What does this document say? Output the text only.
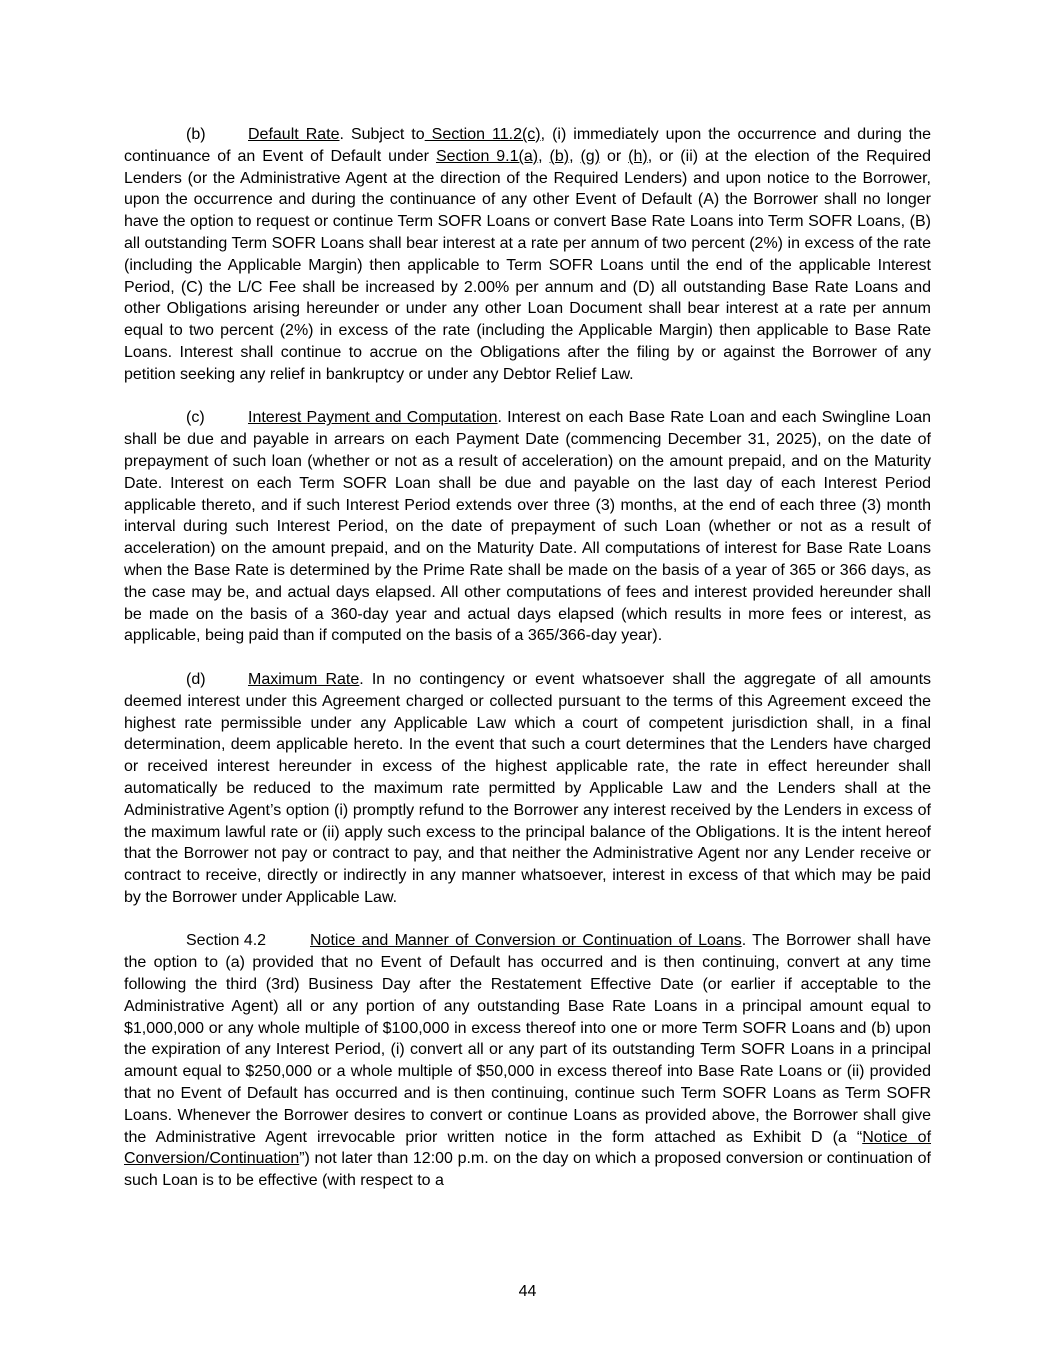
(b)	Default Rate. Subject to Section 11.2(c), (i) immediately upon the occurrence and during the continuance of an Event of Default under Section 9.1(a), (b), (g) or (h), or (ii) at the election of the Required Lenders (or the Administrative Agent at the direction of the Required Lenders) and upon notice to the Borrower, upon the occurrence and during the continuance of any other Event of Default (A) the Borrower shall no longer have the option to request or continue Term SOFR Loans or convert Base Rate Loans into Term SOFR Loans, (B) all outstanding Term SOFR Loans shall bear interest at a rate per annum of two percent (2%) in excess of the rate (including the Applicable Margin) then applicable to Term SOFR Loans until the end of the applicable Interest Period, (C) the L/C Fee shall be increased by 2.00% per annum and (D) all outstanding Base Rate Loans and other Obligations arising hereunder or under any other Loan Document shall bear interest at a rate per annum equal to two percent (2%) in excess of the rate (including the Applicable Margin) then applicable to Base Rate Loans. Interest shall continue to accrue on the Obligations after the filing by or against the Borrower of any petition seeking any relief in bankruptcy or under any Debtor Relief Law.

(c)	Interest Payment and Computation. Interest on each Base Rate Loan and each Swingline Loan shall be due and payable in arrears on each Payment Date (commencing December 31, 2025), on the date of prepayment of such loan (whether or not as a result of acceleration) on the amount prepaid, and on the Maturity Date. Interest on each Term SOFR Loan shall be due and payable on the last day of each Interest Period applicable thereto, and if such Interest Period extends over three (3) months, at the end of each three (3) month interval during such Interest Period, on the date of prepayment of such Loan (whether or not as a result of acceleration) on the amount prepaid, and on the Maturity Date. All computations of interest for Base Rate Loans when the Base Rate is determined by the Prime Rate shall be made on the basis of a year of 365 or 366 days, as the case may be, and actual days elapsed. All other computations of fees and interest provided hereunder shall be made on the basis of a 360-day year and actual days elapsed (which results in more fees or interest, as applicable, being paid than if computed on the basis of a 365/366-day year).

(d)	Maximum Rate. In no contingency or event whatsoever shall the aggregate of all amounts deemed interest under this Agreement charged or collected pursuant to the terms of this Agreement exceed the highest rate permissible under any Applicable Law which a court of competent jurisdiction shall, in a final determination, deem applicable hereto. In the event that such a court determines that the Lenders have charged or received interest hereunder in excess of the highest applicable rate, the rate in effect hereunder shall automatically be reduced to the maximum rate permitted by Applicable Law and the Lenders shall at the Administrative Agent’s option (i) promptly refund to the Borrower any interest received by the Lenders in excess of the maximum lawful rate or (ii) apply such excess to the principal balance of the Obligations. It is the intent hereof that the Borrower not pay or contract to pay, and that neither the Administrative Agent nor any Lender receive or contract to receive, directly or indirectly in any manner whatsoever, interest in excess of that which may be paid by the Borrower under Applicable Law.

Section 4.2	Notice and Manner of Conversion or Continuation of Loans. The Borrower shall have the option to (a) provided that no Event of Default has occurred and is then continuing, convert at any time following the third (3rd) Business Day after the Restatement Effective Date (or earlier if acceptable to the Administrative Agent) all or any portion of any outstanding Base Rate Loans in a principal amount equal to $1,000,000 or any whole multiple of $100,000 in excess thereof into one or more Term SOFR Loans and (b) upon the expiration of any Interest Period, (i) convert all or any part of its outstanding Term SOFR Loans in a principal amount equal to $250,000 or a whole multiple of $50,000 in excess thereof into Base Rate Loans or (ii) provided that no Event of Default has occurred and is then continuing, continue such Term SOFR Loans as Term SOFR Loans. Whenever the Borrower desires to convert or continue Loans as provided above, the Borrower shall give the Administrative Agent irrevocable prior written notice in the form attached as Exhibit D (a “Notice of Conversion/Continuation”) not later than 12:00 p.m. on the day on which a proposed conversion or continuation of such Loan is to be effective (with respect to a

44
